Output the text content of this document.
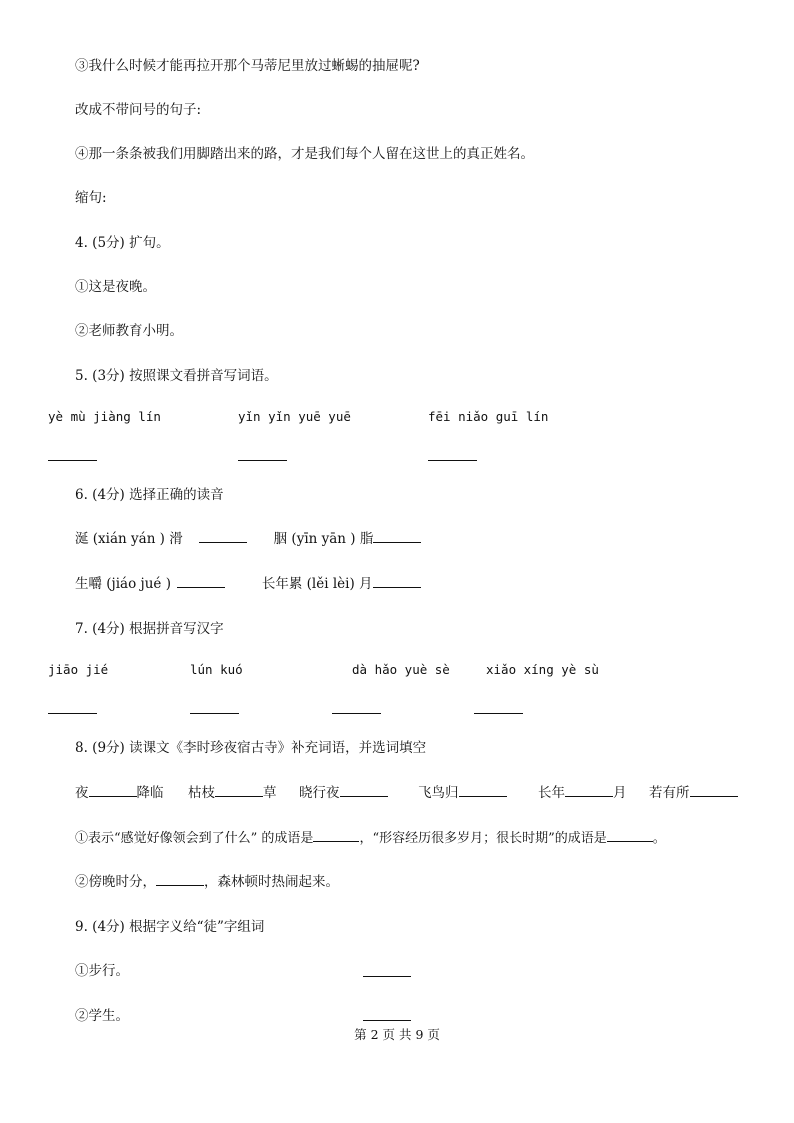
③我什么时候才能再拉开那个马蒂尼里放过蜥蜴的抽屉呢?
改成不带问号的句子:
④那一条条被我们用脚踏出来的路，才是我们每个人留在这世上的真正姓名。
缩句:
4. (5分) 扩句。
①这是夜晚。
②老师教育小明。
5. (3分) 按照课文看拼音写词语。
yè mù jiàng lín	yǐn yǐn yuē yuē	fēi niǎo guī lín
6. (4分) 选择正确的读音
涎 (xián yán ) 滑	胭 (yīn yān ) 脂
生嚼 (jiáo jué )	长年累 (lěi lèi) 月
7. (4分) 根据拼音写汉字
jiāo jié	lún kuó	dà hǎo yuè sè	xiǎo xíng yè sù
8. (9分) 读课文《李时珍夜宿古寺》补充词语，并选词填空
夜	降临 枯枝	草 晓行夜	飞鸟归	长年	月 若有所
①表示“感觉好像领会到了什么” 的成语是	，“形容经历很多岁月；很长时期”的成语是	。
②傍晚时分，	，森林顿时热闹起来。
9. (4分) 根据字义给“徒”字组词
①步行。
②学生。
第 2 页 共 9 页
